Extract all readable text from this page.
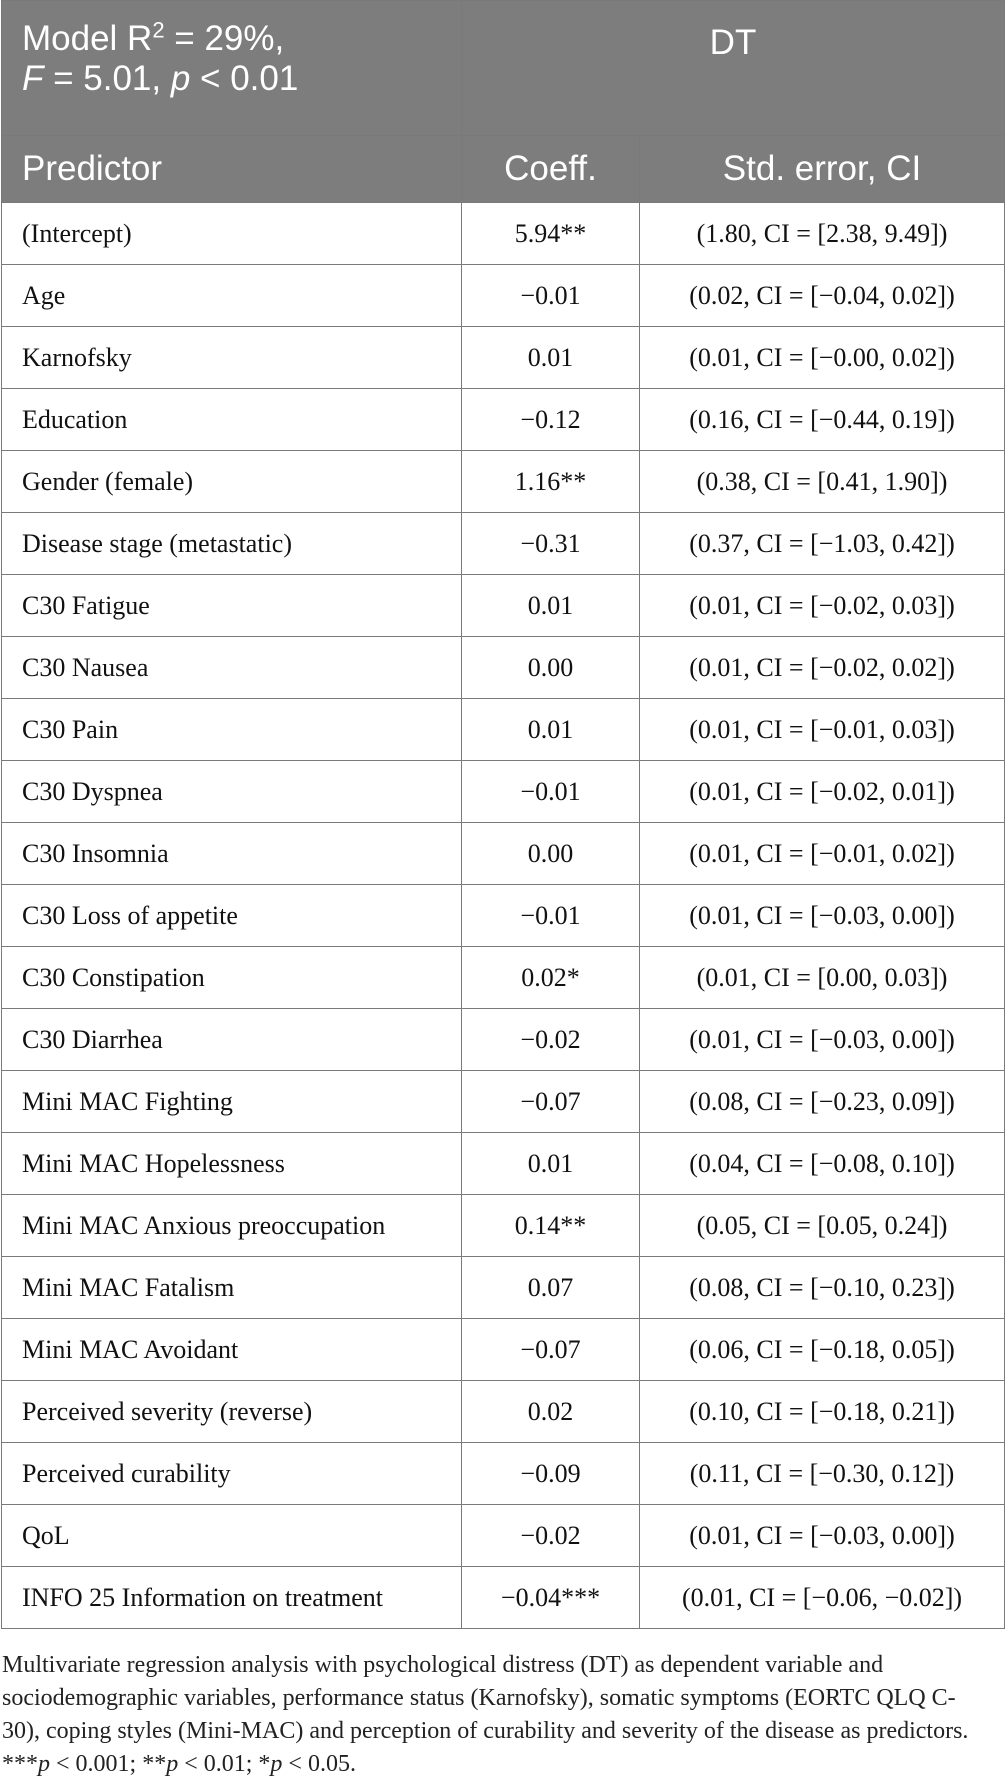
Model $R^2 = 29\%$,
F = 5.01, p < 0.01	DT	
Predictor	Coeff.	Std. error, CI
(Intercept)	5.94**	(1.80, CI = [2.38, 9.49])
Age	−0.01	(0.02, CI = [−0.04, 0.02])
Karnofsky	0.01	(0.01, CI = [−0.00, 0.02])
Education	−0.12	(0.16, CI = [−0.44, 0.19])
Gender (female)	1.16**	(0.38, CI = [0.41, 1.90])
Disease stage (metastatic)	−0.31	(0.37, CI = [−1.03, 0.42])
C30 Fatigue	0.01	(0.01, CI = [−0.02, 0.03])
C30 Nausea	0.00	(0.01, CI = [−0.02, 0.02])
C30 Pain	0.01	(0.01, CI = [−0.01, 0.03])
C30 Dyspnea	−0.01	(0.01, CI = [−0.02, 0.01])
C30 Insomnia	0.00	(0.01, CI = [−0.01, 0.02])
C30 Loss of appetite	−0.01	(0.01, CI = [−0.03, 0.00])
C30 Constipation	0.02*	(0.01, CI = [0.00, 0.03])
C30 Diarrhea	−0.02	(0.01, CI = [−0.03, 0.00])
Mini MAC Fighting	−0.07	(0.08, CI = [−0.23, 0.09])
Mini MAC Hopelessness	0.01	(0.04, CI = [−0.08, 0.10])
Mini MAC Anxious preoccupation	0.14**	(0.05, CI = [0.05, 0.24])
Mini MAC Fatalism	0.07	(0.08, CI = [−0.10, 0.23])
Mini MAC Avoidant	−0.07	(0.06, CI = [−0.18, 0.05])
Perceived severity (reverse)	0.02	(0.10, CI = [−0.18, 0.21])
Perceived curability	−0.09	(0.11, CI = [−0.30, 0.12])
QoL	−0.02	(0.01, CI = [−0.03, 0.00])
INFO 25 Information on treatment	−0.04***	(0.01, CI = [−0.06, −0.02])
Multivariate regression analysis with psychological distress (DT) as dependent variable and sociodemographic variables, performance status (Karnofsky), somatic symptoms (EORTC QLQ C-30), coping styles (Mini-MAC) and perception of curability and severity of the disease as predictors. ***p < 0.001; **p < 0.01; *p < 0.05.
